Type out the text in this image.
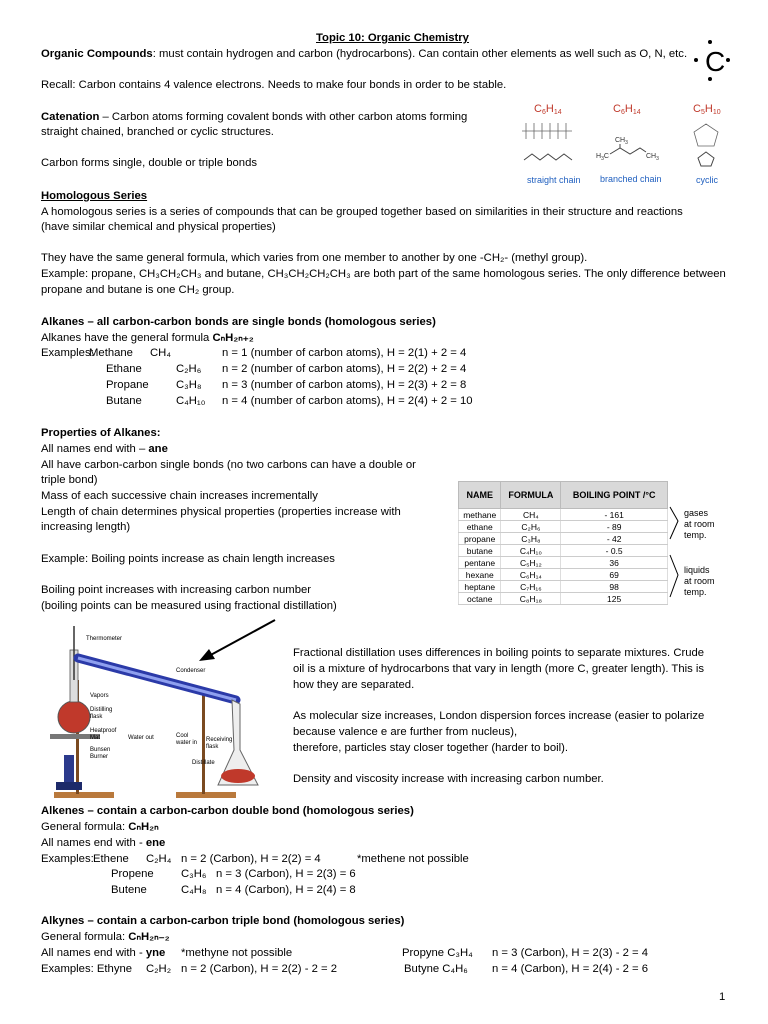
Topic 10: Organic Chemistry
Organic Compounds: must contain hydrogen and carbon (hydrocarbons). Can contain other elements as well such as O, N, etc.
Recall: Carbon contains 4 valence electrons. Needs to make four bonds in order to be stable.
C
Catenation – Carbon atoms forming covalent bonds with other carbon atoms forming
straight chained, branched or cyclic structures.
Carbon forms single, double or triple bonds
C6H14	C6H14	C5H10
$CH_3$
$H_3C$	$CH_3$
straight chain branched chain	cyclic
Homologous Series
A homologous series is a series of compounds that can be grouped together based on similarities in their structure and reactions
(have similar chemical and physical properties)
They have the same general formula, which varies from one member to another by one -CH₂- (methyl group).
Example: propane, CH₃CH₂CH₃ and butane, CH₃CH₂CH₂CH₃ are both part of the same homologous series. The only difference between
propane and butane is one CH₂ group.
Alkanes – all carbon-carbon bonds are single bonds (homologous series)
Alkanes have the general formula CₙH₂ₙ₊₂
Examples:
Methane CH₄	n = 1 (number of carbon atoms), H = 2(1) + 2 = 4
Ethane	C₂H₆ n = 2 (number of carbon atoms), H = 2(2) + 2 = 4
Propane C₃H₈ n = 3 (number of carbon atoms), H = 2(3) + 2 = 8
Butane	C₄H₁₀ n = 4 (number of carbon atoms), H = 2(4) + 2 = 10
Properties of Alkanes:
All names end with – ane
All have carbon-carbon single bonds (no two carbons can have a double or
triple bond)
Mass of each successive chain increases incrementally
Length of chain determines physical properties (properties increase with
increasing length)
Example: Boiling points increase as chain length increases
Boiling point increases with increasing carbon number
(boiling points can be measured using fractional distillation)
NAME	FORMULA	BOILING POINT /°C
methane	CH₄	- 161
ethane	C₂H₆	- 89
propane	C₃H₈	- 42
butane	C₄H₁₀	- 0.5
pentane	C₅H₁₂	36
hexane	C₆H₁₄	69
heptane	C₇H₁₆	98
octane	C₈H₁₈	125
gases
at room
temp.
liquids
at room
temp.
Thermometer
Condenser
Vapors
Distilling
flask
Heatproof
Mat
Bunsen
Burner
Water out	Cool
water in Receiving
flask
Distillate
Fractional distillation uses differences in boiling points to separate mixtures. Crude
oil is a mixture of hydrocarbons that vary in length (more C, greater length). This is
how they are separated.
As molecular size increases, London dispersion forces increase (easier to polarize
because valence e are further from nucleus),
therefore, particles stay closer together (harder to boil).
Density and viscosity increase with increasing carbon number.
Alkenes – contain a carbon-carbon double bond (homologous series)
General formula: CₙH₂ₙ
All names end with - ene
Examples: Ethene C₂H₄ n = 2 (Carbon), H = 2(2) = 4	*methene not possible
Propene C₃H₆ n = 3 (Carbon), H = 2(3) = 6
Butene	C₄H₈ n = 4 (Carbon), H = 2(4) = 8
Alkynes – contain a carbon-carbon triple bond (homologous series)
General formula: CₙH₂ₙ₋₂
All names end with - yne *methyne not possible	Propyne C₃H₄ n = 3 (Carbon), H = 2(3) - 2 = 4
Examples: Ethyne C₂H₂ n = 2 (Carbon), H = 2(2) - 2 = 2	Butyne C₄H₆ n = 4 (Carbon), H = 2(4) - 2 = 6
1
